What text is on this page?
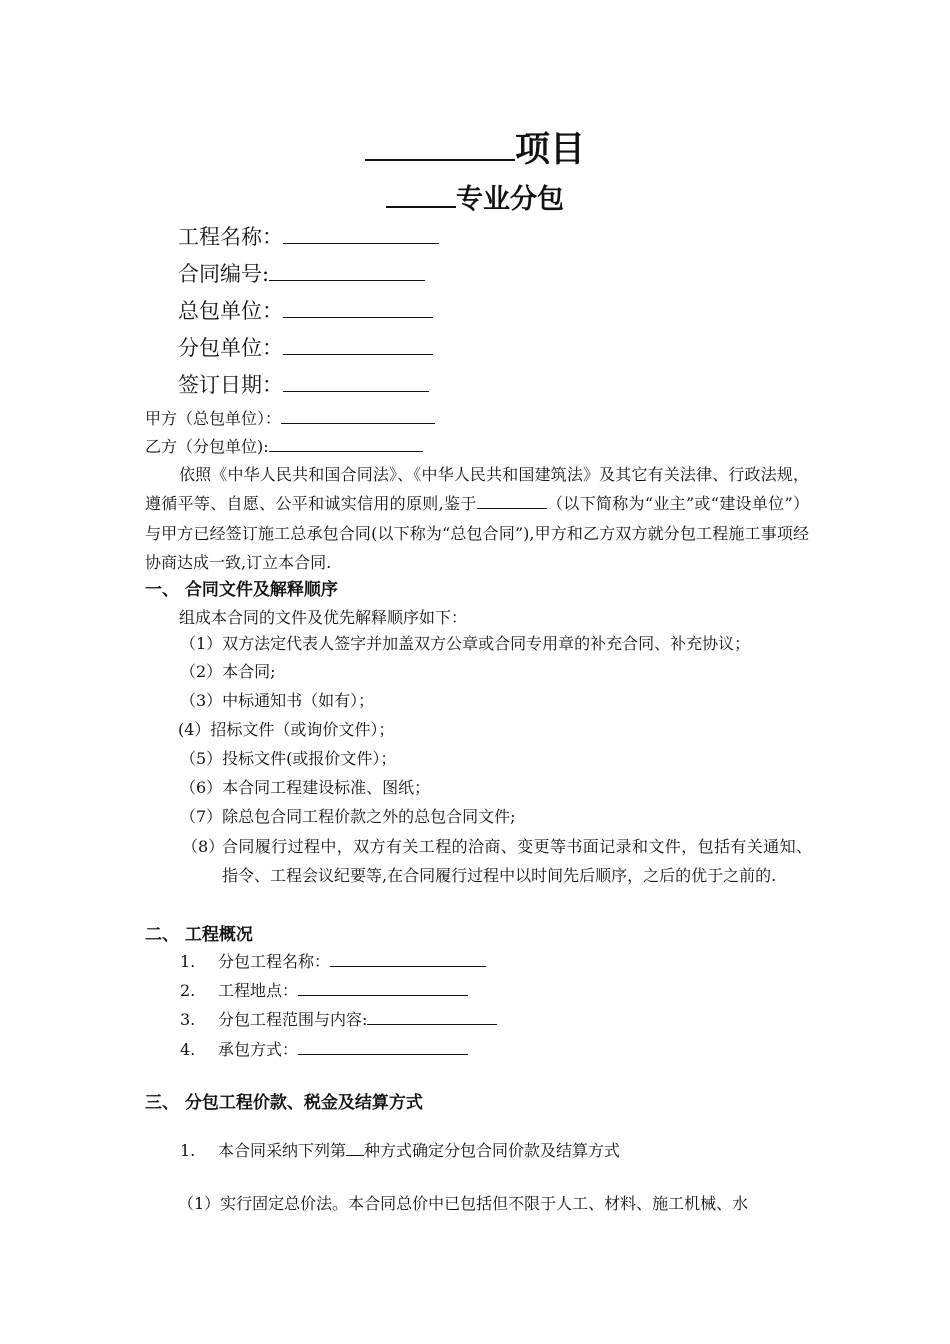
项目
专业分包
工程名称：
合同编号:
总包单位：
分包单位：
签订日期：
甲方（总包单位）：
乙方（分包单位):
依照《中华人民共和国合同法》、《中华人民共和国建筑法》及其它有关法律、行政法规，遵循平等、自愿、公平和诚实信用的原则,鉴于	（以下简称为“业主”或“建设单位”）与甲方已经签订施工总承包合同(以下称为“总包合同”),甲方和乙方双方就分包工程施工事项经协商达成一致,订立本合同.
一、 合同文件及解释顺序
组成本合同的文件及优先解释顺序如下：
（1）双方法定代表人签字并加盖双方公章或合同专用章的补充合同、补充协议；
（2）本合同;
（3）中标通知书（如有）；
(4）招标文件（或询价文件）；
（5）投标文件(或报价文件）；
（6）本合同工程建设标准、图纸；
（7）除总包合同工程价款之外的总包合同文件;
（8）
合同履行过程中，双方有关工程的洽商、变更等书面记录和文件，包括有关通知、指令、工程会议纪要等,在合同履行过程中以时间先后顺序，之后的优于之前的.
二、 工程概况
1. 分包工程名称：
2. 工程地点：
3. 分包工程范围与内容:
4. 承包方式：
三、 分包工程价款、税金及结算方式
1. 本合同采纳下列第 种方式确定分包合同价款及结算方式
（1）实行固定总价法。本合同总价中已包括但不限于人工、材料、施工机械、水
